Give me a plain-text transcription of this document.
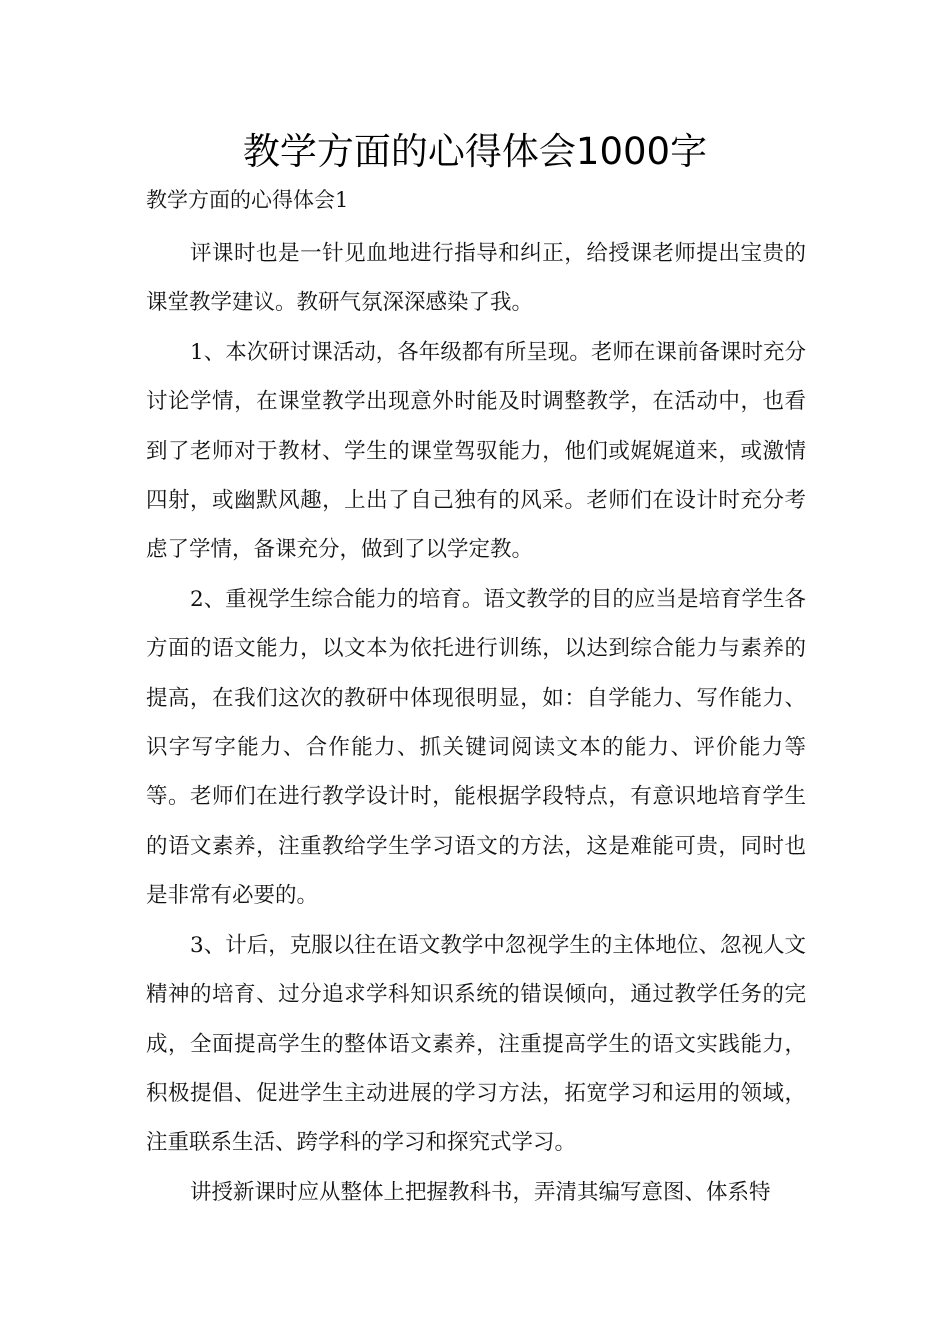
教学方面的心得体会1000字
教学方面的心得体会1

评课时也是一针见血地进行指导和纠正，给授课老师提出宝贵的课堂教学建议。教研气氛深深感染了我。

1、本次研讨课活动，各年级都有所呈现。老师在课前备课时充分讨论学情，在课堂教学出现意外时能及时调整教学，在活动中，也看到了老师对于教材、学生的课堂驾驭能力，他们或娓娓道来，或激情四射，或幽默风趣，上出了自己独有的风采。老师们在设计时充分考虑了学情，备课充分，做到了以学定教。

2、重视学生综合能力的培育。语文教学的目的应当是培育学生各方面的语文能力，以文本为依托进行训练，以达到综合能力与素养的提高，在我们这次的教研中体现很明显，如：自学能力、写作能力、识字写字能力、合作能力、抓关键词阅读文本的能力、评价能力等等。老师们在进行教学设计时，能根据学段特点，有意识地培育学生的语文素养，注重教给学生学习语文的方法，这是难能可贵，同时也是非常有必要的。

3、计后，克服以往在语文教学中忽视学生的主体地位、忽视人文精神的培育、过分追求学科知识系统的错误倾向，通过教学任务的完成，全面提高学生的整体语文素养，注重提高学生的语文实践能力，积极提倡、促进学生主动进展的学习方法，拓宽学习和运用的领域，注重联系生活、跨学科的学习和探究式学习。

讲授新课时应从整体上把握教科书，弄清其编写意图、体系特
